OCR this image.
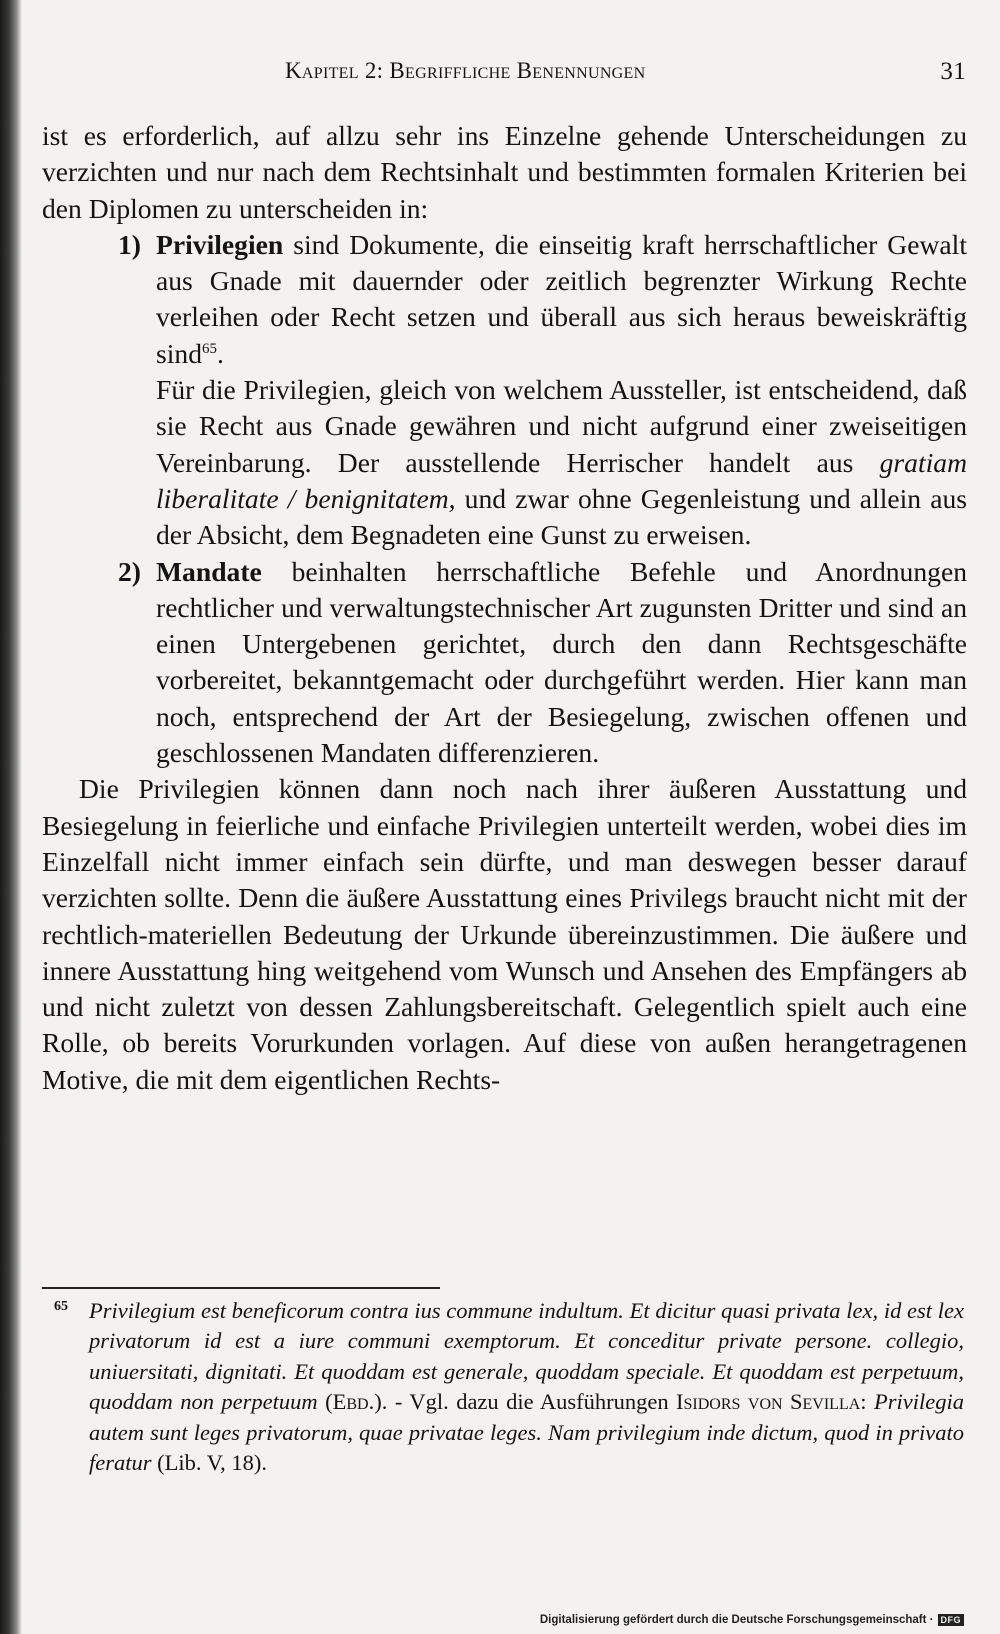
Kapitel 2: Begriffliche Benennungen	31

ist es erforderlich, auf allzu sehr ins Einzelne gehende Unterscheidungen zu verzichten und nur nach dem Rechtsinhalt und bestimmten formalen Kriterien bei den Diplomen zu unterscheiden in:

1) Privilegien sind Dokumente, die einseitig kraft herrschaftlicher Gewalt aus Gnade mit dauernder oder zeitlich begrenzter Wirkung Rechte verleihen oder Recht setzen und überall aus sich heraus beweiskräftig sind$^{65}$.

Für die Privilegien, gleich von welchem Aussteller, ist entscheidend, daß sie Recht aus Gnade gewähren und nicht aufgrund einer zweiseitigen Vereinbarung. Der ausstellende Herrischer handelt aus gratiam liberalitate / benignitatem, und zwar ohne Gegenleistung und allein aus der Absicht, dem Begnadeten eine Gunst zu erweisen.

2) Mandate beinhalten herrschaftliche Befehle und Anordnungen rechtlicher und verwaltungstechnischer Art zugunsten Dritter und sind an einen Untergebenen gerichtet, durch den dann Rechtsgeschäfte vorbereitet, bekanntgemacht oder durchgeführt werden. Hier kann man noch, entsprechend der Art der Besiegelung, zwischen offenen und geschlossenen Mandaten differenzieren.

Die Privilegien können dann noch nach ihrer äußeren Ausstattung und Besiegelung in feierliche und einfache Privilegien unterteilt werden, wobei dies im Einzelfall nicht immer einfach sein dürfte, und man deswegen besser darauf verzichten sollte. Denn die äußere Ausstattung eines Privilegs braucht nicht mit der rechtlich-materiellen Bedeutung der Urkunde übereinzustimmen. Die äußere und innere Ausstattung hing weitgehend vom Wunsch und Ansehen des Empfängers ab und nicht zuletzt von dessen Zahlungsbereitschaft. Gelegentlich spielt auch eine Rolle, ob bereits Vorurkunden vorlagen. Auf diese von außen herangetragenen Motive, die mit dem eigentlichen Rechts-

65 Privilegium est beneficorum contra ius commune indultum. Et dicitur quasi privata lex, id est lex privatorum id est a iure communi exemptorum. Et conceditur private persone. collegio, uniuersitati, dignitati. Et quoddam est generale, quoddam speciale. Et quoddam est perpetuum, quoddam non perpetuum (Ebd.). - Vgl. dazu die Ausführungen Isidors von Sevilla: Privilegia autem sunt leges privatorum, quae privatae leges. Nam privilegium inde dictum, quod in privato feratur (Lib. V, 18).
Digitalisierung gefördert durch die Deutsche Forschungsgemeinschaft · DFG
